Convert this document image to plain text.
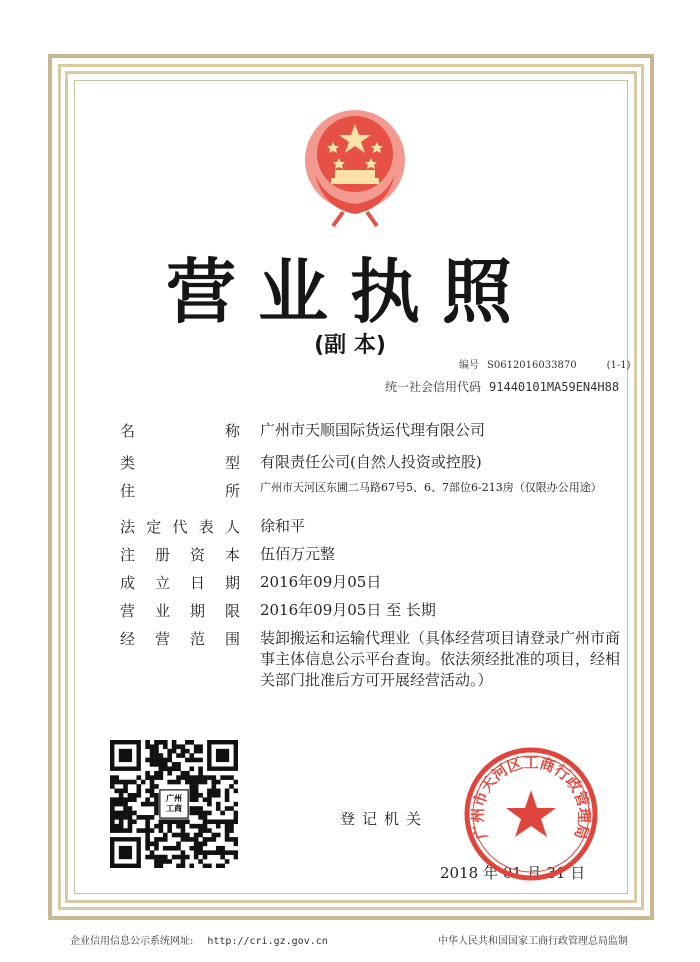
营业执照
(副 本)
编号 S0612016033870	(1-1)
统一社会信用代码 91440101MA59EN4H88
名	称 广州市天顺国际货运代理有限公司
类	型 有限责任公司(自然人投资或控股)
住	所 广州市天河区东圃二马路67号5、6、7部位6-213房（仅限办公用途）
法 定 代 表 人 徐和平
注 册 资 本 伍佰万元整
成 立 日 期 2016年09月05日
营 业 期 限 2016年09月05日 至 长期
经 营 范 围 装卸搬运和运输代理业（具体经营项目请登录广州市商事主体信息公示平台查询。依法须经批准的项目，经相关部门批准后方可开展经营活动。）
广州
工商
登记机关
2018 年 01 月 31 日
广州市天河区工商行政管理局
企业信用信息公示系统网址: http://cri.gz.gov.cn	中华人民共和国国家工商行政管理总局监制
